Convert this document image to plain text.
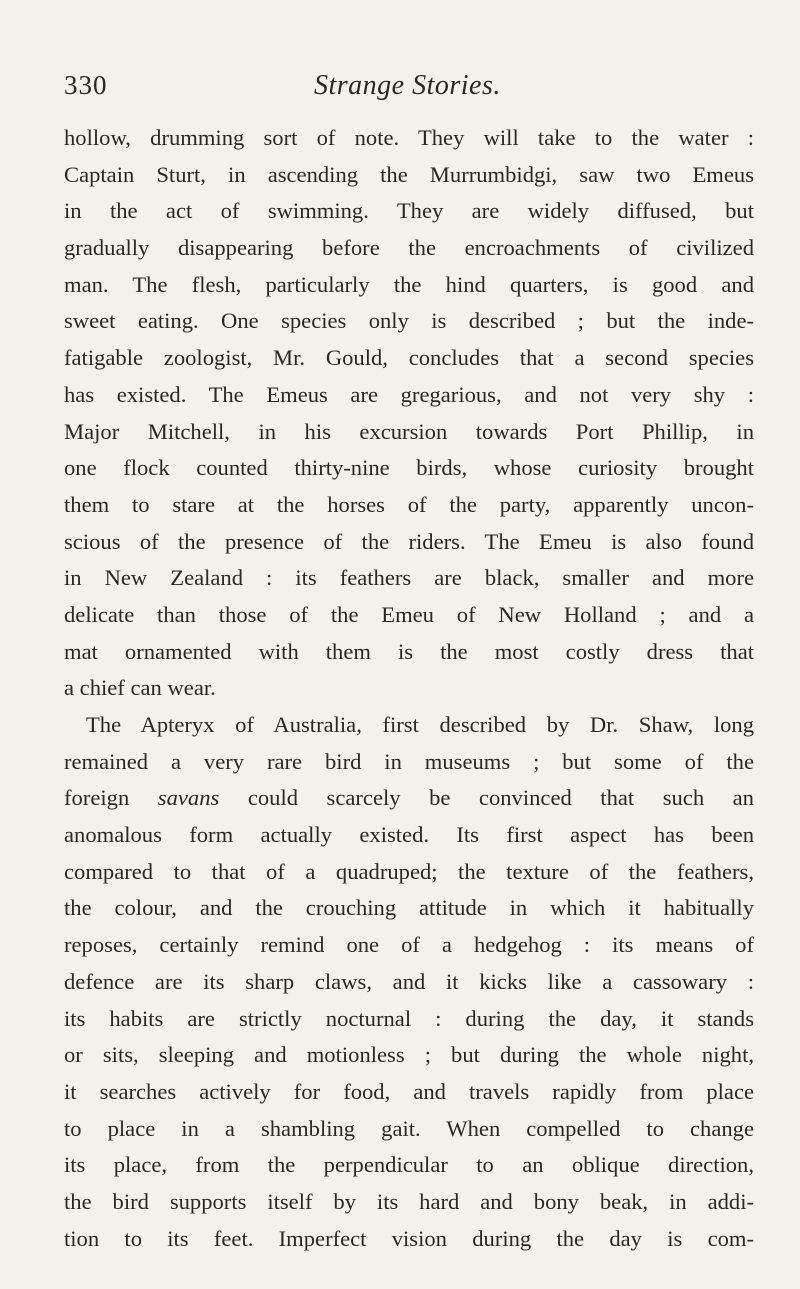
330	Strange Stories.
hollow, drumming sort of note. They will take to the water :
Captain Sturt, in ascending the Murrumbidgi, saw two Emeus
in the act of swimming. They are widely diffused, but
gradually disappearing before the encroachments of civilized
man. The flesh, particularly the hind quarters, is good and
sweet eating. One species only is described ; but the inde-
fatigable zoologist, Mr. Gould, concludes that a second species
has existed. The Emeus are gregarious, and not very shy :
Major Mitchell, in his excursion towards Port Phillip, in
one flock counted thirty-nine birds, whose curiosity brought
them to stare at the horses of the party, apparently uncon-
scious of the presence of the riders. The Emeu is also found
in New Zealand : its feathers are black, smaller and more
delicate than those of the Emeu of New Holland ; and a
mat ornamented with them is the most costly dress that
a chief can wear.
The Apteryx of Australia, first described by Dr. Shaw, long
remained a very rare bird in museums ; but some of the
foreign savans could scarcely be convinced that such an
anomalous form actually existed. Its first aspect has been
compared to that of a quadruped; the texture of the feathers,
the colour, and the crouching attitude in which it habitually
reposes, certainly remind one of a hedgehog : its means of
defence are its sharp claws, and it kicks like a cassowary :
its habits are strictly nocturnal : during the day, it stands
or sits, sleeping and motionless ; but during the whole night,
it searches actively for food, and travels rapidly from place
to place in a shambling gait. When compelled to change
its place, from the perpendicular to an oblique direction,
the bird supports itself by its hard and bony beak, in addi-
tion to its feet. Imperfect vision during the day is com-
